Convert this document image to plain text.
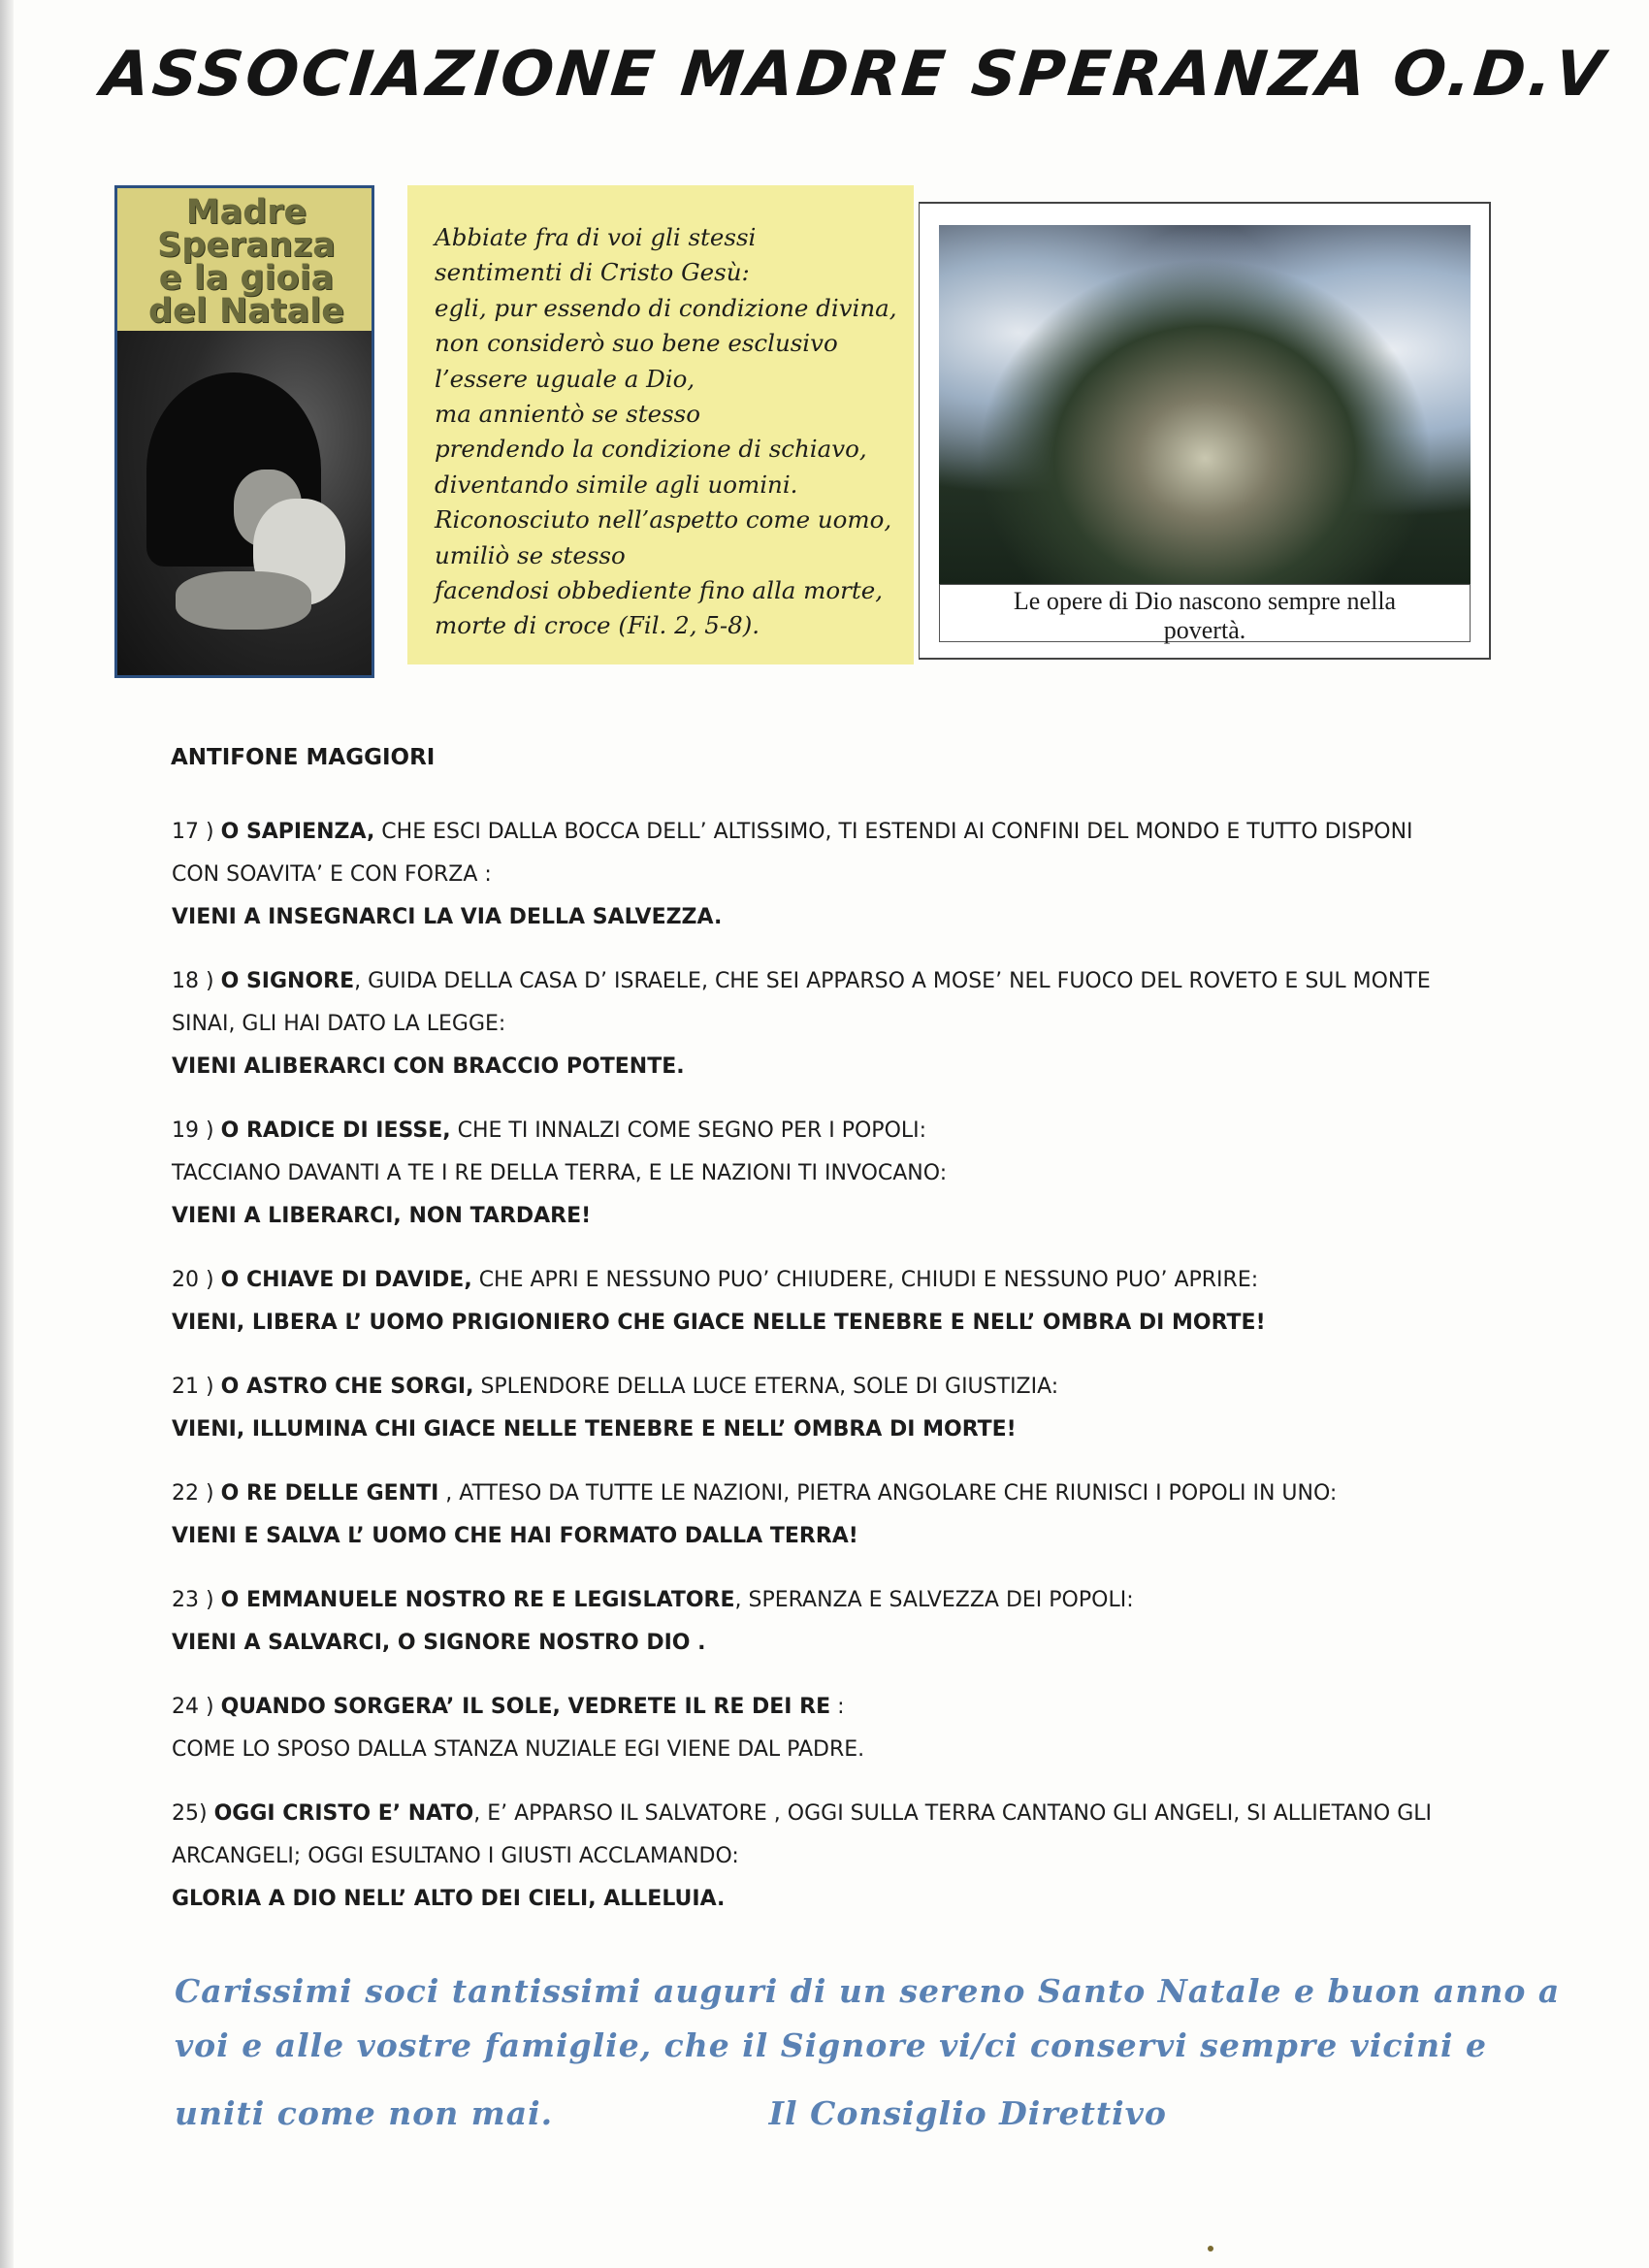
ASSOCIAZIONE MADRE SPERANZA O.D.V
Madre
Speranza
e la gioia
del Natale
Abbiate fra di voi gli stessi
sentimenti di Cristo Gesù:
egli, pur essendo di condizione divina,
non considerò suo bene esclusivo
l’essere uguale a Dio,
ma annientò se stesso
prendendo la condizione di schiavo,
diventando simile agli uomini.
Riconosciuto nell’aspetto come uomo,
umiliò se stesso
facendosi obbediente fino alla morte,
morte di croce (Fil. 2, 5-8).
Le opere di Dio nascono sempre nella
povertà.
ANTIFONE MAGGIORI
17 ) O SAPIENZA, CHE ESCI DALLA BOCCA DELL’ ALTISSIMO, TI ESTENDI AI CONFINI DEL MONDO E TUTTO DISPONI
CON SOAVITA’ E CON FORZA :
VIENI A INSEGNARCI LA VIA DELLA SALVEZZA.
18 ) O SIGNORE, GUIDA DELLA CASA D’ ISRAELE, CHE SEI APPARSO A MOSE’ NEL FUOCO DEL ROVETO E SUL MONTE
SINAI, GLI HAI DATO LA LEGGE:
VIENI ALIBERARCI CON BRACCIO POTENTE.
19 ) O RADICE DI IESSE, CHE TI INNALZI COME SEGNO PER I POPOLI:
TACCIANO DAVANTI A TE I RE DELLA TERRA, E LE NAZIONI TI INVOCANO:
VIENI A LIBERARCI, NON TARDARE!
20 ) O CHIAVE DI DAVIDE, CHE APRI E NESSUNO PUO’ CHIUDERE, CHIUDI E NESSUNO PUO’ APRIRE:
VIENI, LIBERA L’ UOMO PRIGIONIERO CHE GIACE NELLE TENEBRE E NELL’ OMBRA DI MORTE!
21 ) O ASTRO CHE SORGI, SPLENDORE DELLA LUCE ETERNA, SOLE DI GIUSTIZIA:
VIENI, ILLUMINA CHI GIACE NELLE TENEBRE E NELL’ OMBRA DI MORTE!
22 ) O RE DELLE GENTI , ATTESO DA TUTTE LE NAZIONI, PIETRA ANGOLARE CHE RIUNISCI I POPOLI IN UNO:
VIENI E SALVA L’ UOMO CHE HAI FORMATO DALLA TERRA!
23 ) O EMMANUELE NOSTRO RE E LEGISLATORE, SPERANZA E SALVEZZA DEI POPOLI:
VIENI A SALVARCI, O SIGNORE NOSTRO DIO .
24 ) QUANDO SORGERA’ IL SOLE, VEDRETE IL RE DEI RE :
COME LO SPOSO DALLA STANZA NUZIALE EGI VIENE DAL PADRE.
25) OGGI CRISTO E’ NATO, E’ APPARSO IL SALVATORE , OGGI SULLA TERRA CANTANO GLI ANGELI, SI ALLIETANO GLI
ARCANGELI; OGGI ESULTANO I GIUSTI ACCLAMANDO:
GLORIA A DIO NELL’ ALTO DEI CIELI, ALLELUIA.
Carissimi soci tantissimi auguri di un sereno Santo Natale e buon anno a
voi e alle vostre famiglie, che il Signore vi/ci conservi sempre vicini e
uniti come non mai.	Il Consiglio Direttivo
